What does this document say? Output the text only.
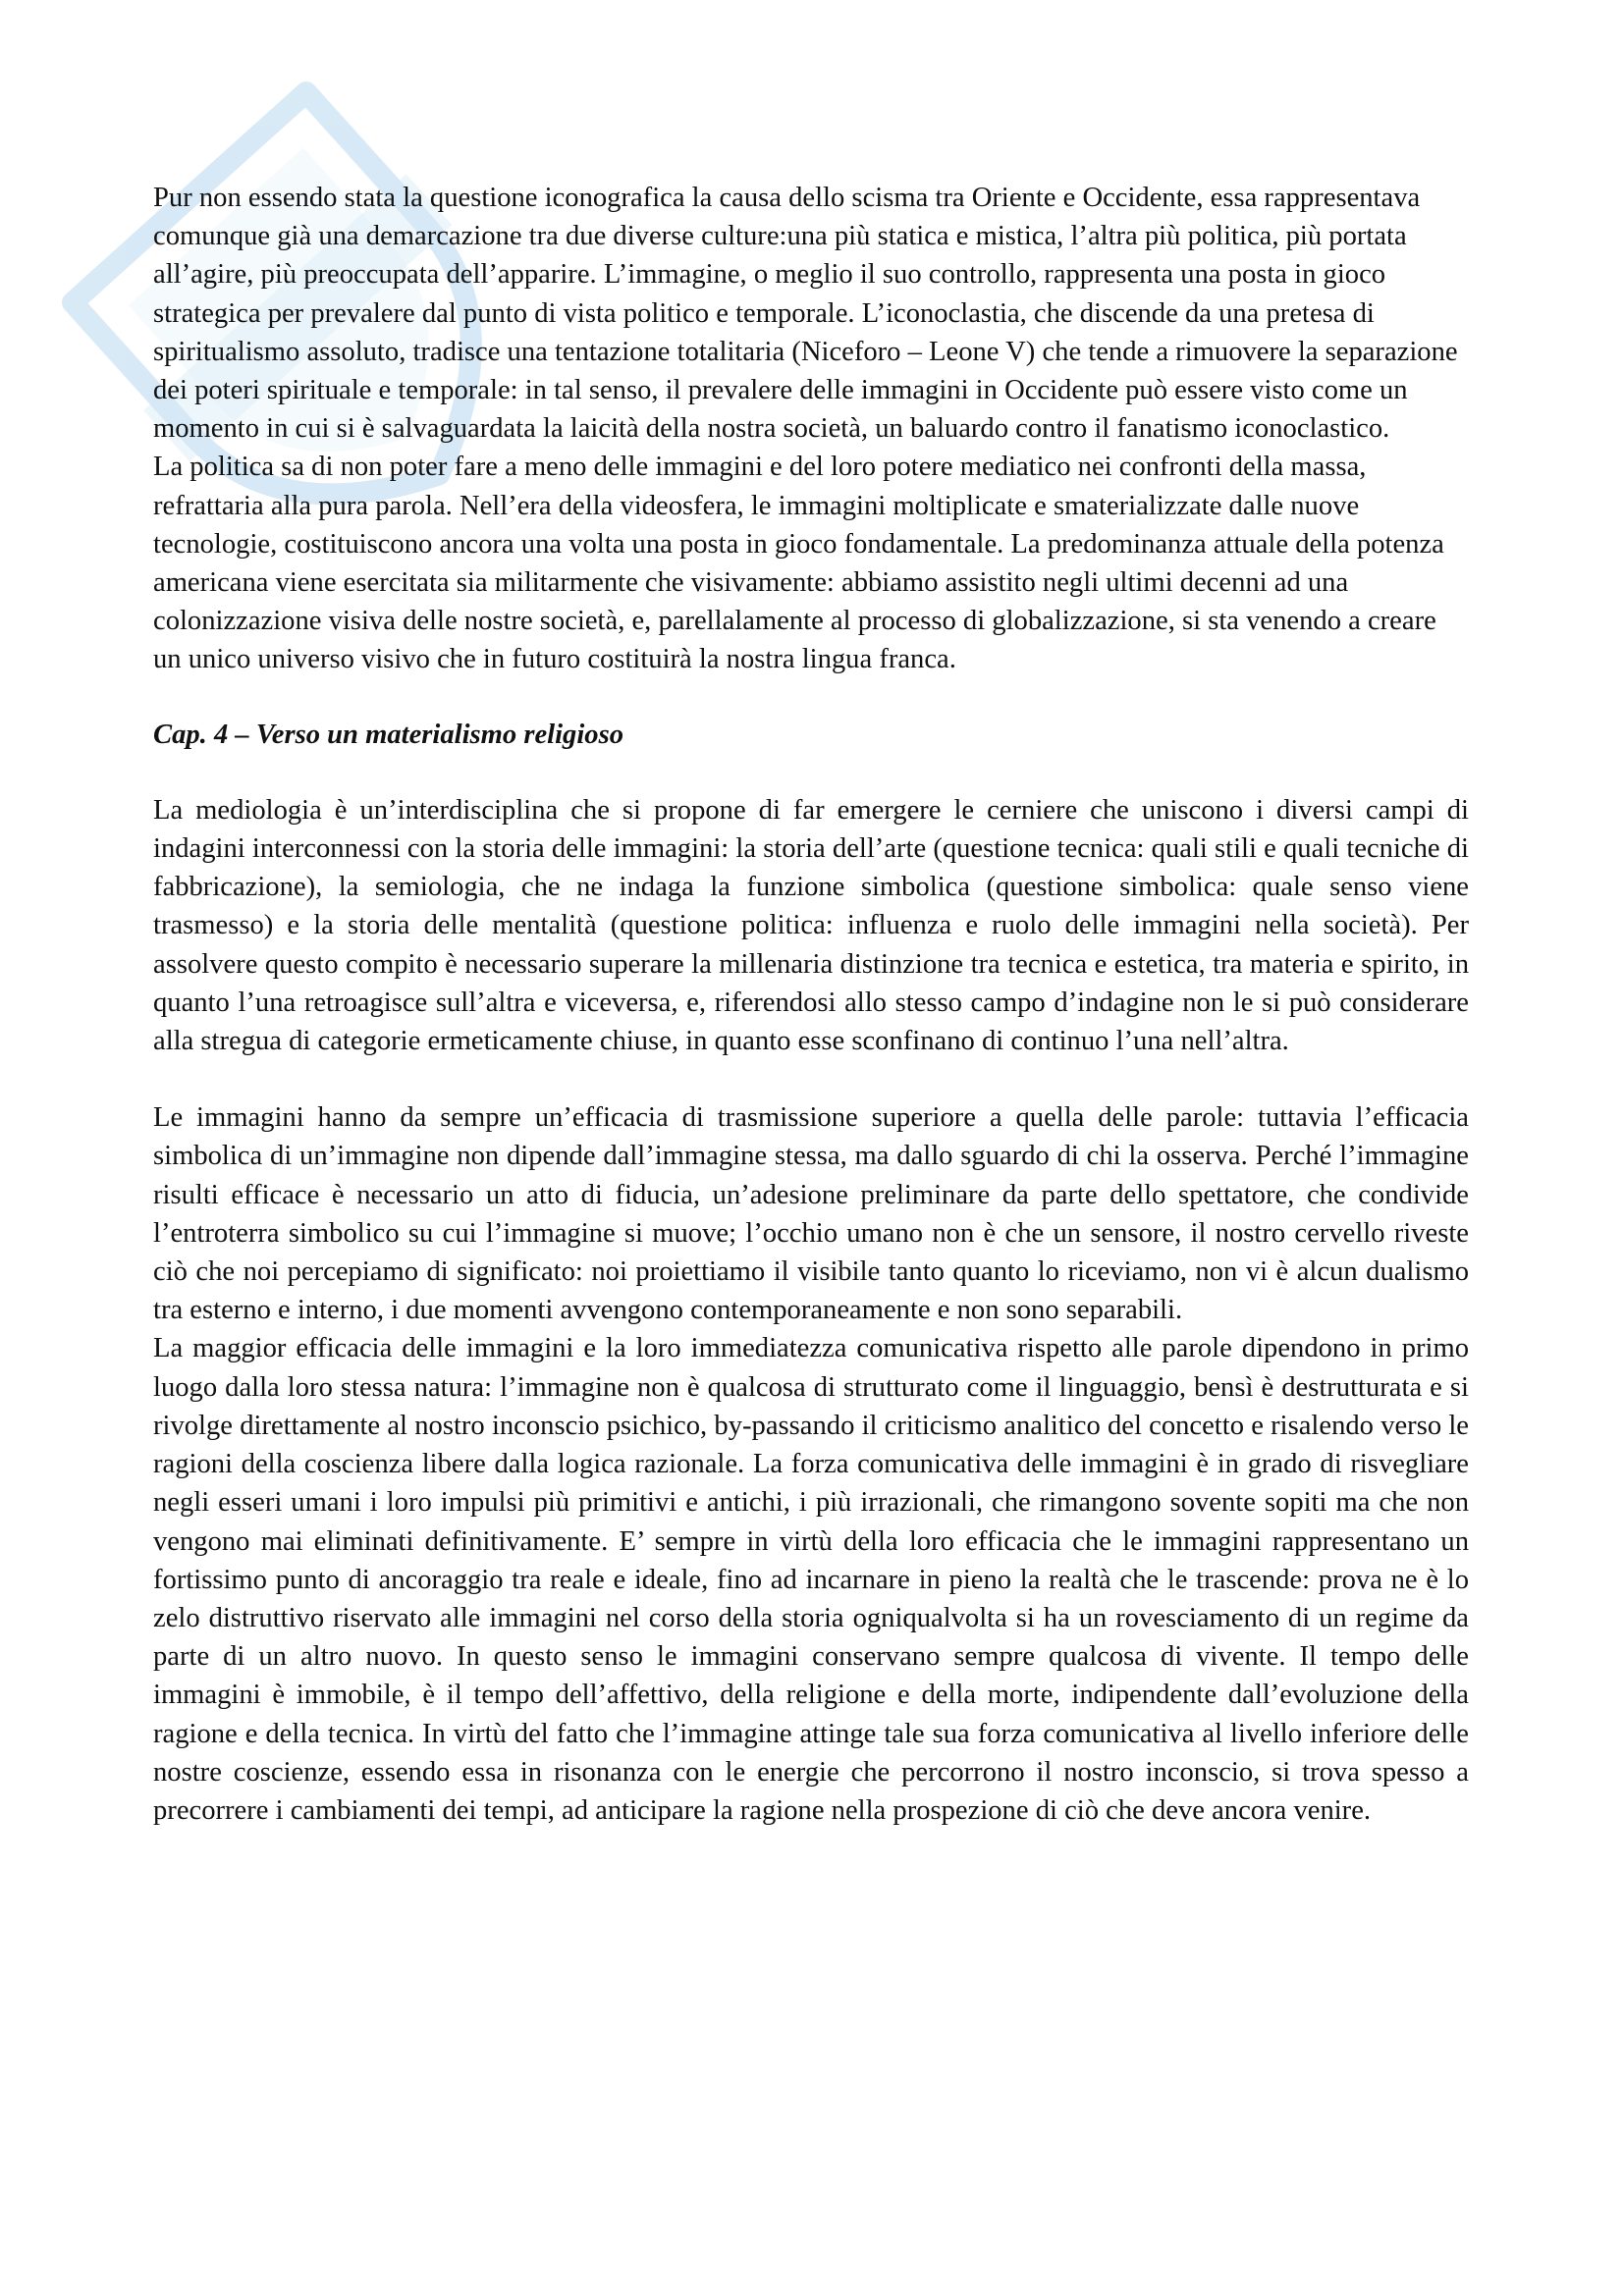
Pur non essendo stata la questione iconografica la causa dello scisma tra Oriente e Occidente, essa rappresentava comunque già una demarcazione tra due diverse culture:una più statica e mistica, l’altra più politica, più portata all’agire, più preoccupata dell’apparire. L’immagine, o meglio il suo controllo, rappresenta una posta in gioco strategica per prevalere dal punto di vista politico e temporale. L’iconoclastia, che discende da una pretesa di spiritualismo assoluto, tradisce una tentazione totalitaria (Niceforo – Leone V) che tende a rimuovere la separazione dei poteri spirituale e temporale: in tal senso, il prevalere delle immagini in Occidente può essere visto come un momento in cui si è salvaguardata la laicità della nostra società, un baluardo contro il fanatismo iconoclastico.

La politica sa di non poter fare a meno delle immagini e del loro potere mediatico nei confronti della massa, refrattaria alla pura parola. Nell’era della videosfera, le immagini moltiplicate e smaterializzate dalle nuove tecnologie, costituiscono ancora una volta una posta in gioco fondamentale. La predominanza attuale della potenza americana viene esercitata sia militarmente che visivamente: abbiamo assistito negli ultimi decenni ad una colonizzazione visiva delle nostre società, e, parellalamente al processo di globalizzazione, si sta venendo a creare un unico universo visivo che in futuro costituirà la nostra lingua franca.

Cap. 4 – Verso un materialismo religioso

La mediologia è un’interdisciplina che si propone di far emergere le cerniere che uniscono i diversi campi di indagini interconnessi con la storia delle immagini: la storia dell’arte (questione tecnica: quali stili e quali tecniche di fabbricazione), la semiologia, che ne indaga la funzione simbolica (questione simbolica: quale senso viene trasmesso) e la storia delle mentalità (questione politica: influenza e ruolo delle immagini nella società). Per assolvere questo compito è necessario superare la millenaria distinzione tra tecnica e estetica, tra materia e spirito, in quanto l’una retroagisce sull’altra e viceversa, e, riferendosi allo stesso campo d’indagine non le si può considerare alla stregua di categorie ermeticamente chiuse, in quanto esse sconfinano di continuo l’una nell’altra.

Le immagini hanno da sempre un’efficacia di trasmissione superiore a quella delle parole: tuttavia l’efficacia simbolica di un’immagine non dipende dall’immagine stessa, ma dallo sguardo di chi la osserva. Perché l’immagine risulti efficace è necessario un atto di fiducia, un’adesione preliminare da parte dello spettatore, che condivide l’entroterra simbolico su cui l’immagine si muove; l’occhio umano non è che un sensore, il nostro cervello riveste ciò che noi percepiamo di significato: noi proiettiamo il visibile tanto quanto lo riceviamo, non vi è alcun dualismo tra esterno e interno, i due momenti avvengono contemporaneamente e non sono separabili.

La maggior efficacia delle immagini e la loro immediatezza comunicativa rispetto alle parole dipendono in primo luogo dalla loro stessa natura: l’immagine non è qualcosa di strutturato come il linguaggio, bensì è destrutturata e si rivolge direttamente al nostro inconscio psichico, by-passando il criticismo analitico del concetto e risalendo verso le ragioni della coscienza libere dalla logica razionale. La forza comunicativa delle immagini è in grado di risvegliare negli esseri umani i loro impulsi più primitivi e antichi, i più irrazionali, che rimangono sovente sopiti ma che non vengono mai eliminati definitivamente. E’ sempre in virtù della loro efficacia che le immagini rappresentano un fortissimo punto di ancoraggio tra reale e ideale, fino ad incarnare in pieno la realtà che le trascende: prova ne è lo zelo distruttivo riservato alle immagini nel corso della storia ogniqualvolta si ha un rovesciamento di un regime da parte di un altro nuovo. In questo senso le immagini conservano sempre qualcosa di vivente. Il tempo delle immagini è immobile, è il tempo dell’affettivo, della religione e della morte, indipendente dall’evoluzione della ragione e della tecnica. In virtù del fatto che l’immagine attinge tale sua forza comunicativa al livello inferiore delle nostre coscienze, essendo essa in risonanza con le energie che percorrono il nostro inconscio, si trova spesso a precorrere i cambiamenti dei tempi, ad anticipare la ragione nella prospezione di ciò che deve ancora venire.
